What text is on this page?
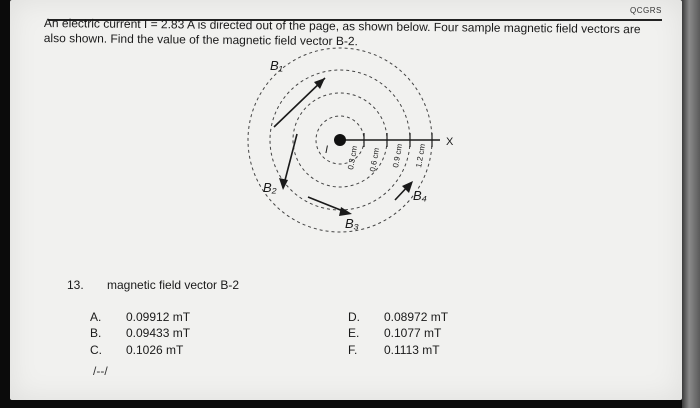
QCGRS
An electric current I = 2.83 A is directed out of the page, as shown below. Four sample magnetic field vectors are also shown. Find the value of the magnetic field vector B-2.
B₁
B₂
B₃
B₄
I
X
0.3 cm 0.6 cm 0.9 cm 1.2 cm
13. magnetic field vector B-2
A. 0.09912 mT
B. 0.09433 mT
C. 0.1026 mT
D. 0.08972 mT
E. 0.1077 mT
F. 0.1113 mT
/--/
